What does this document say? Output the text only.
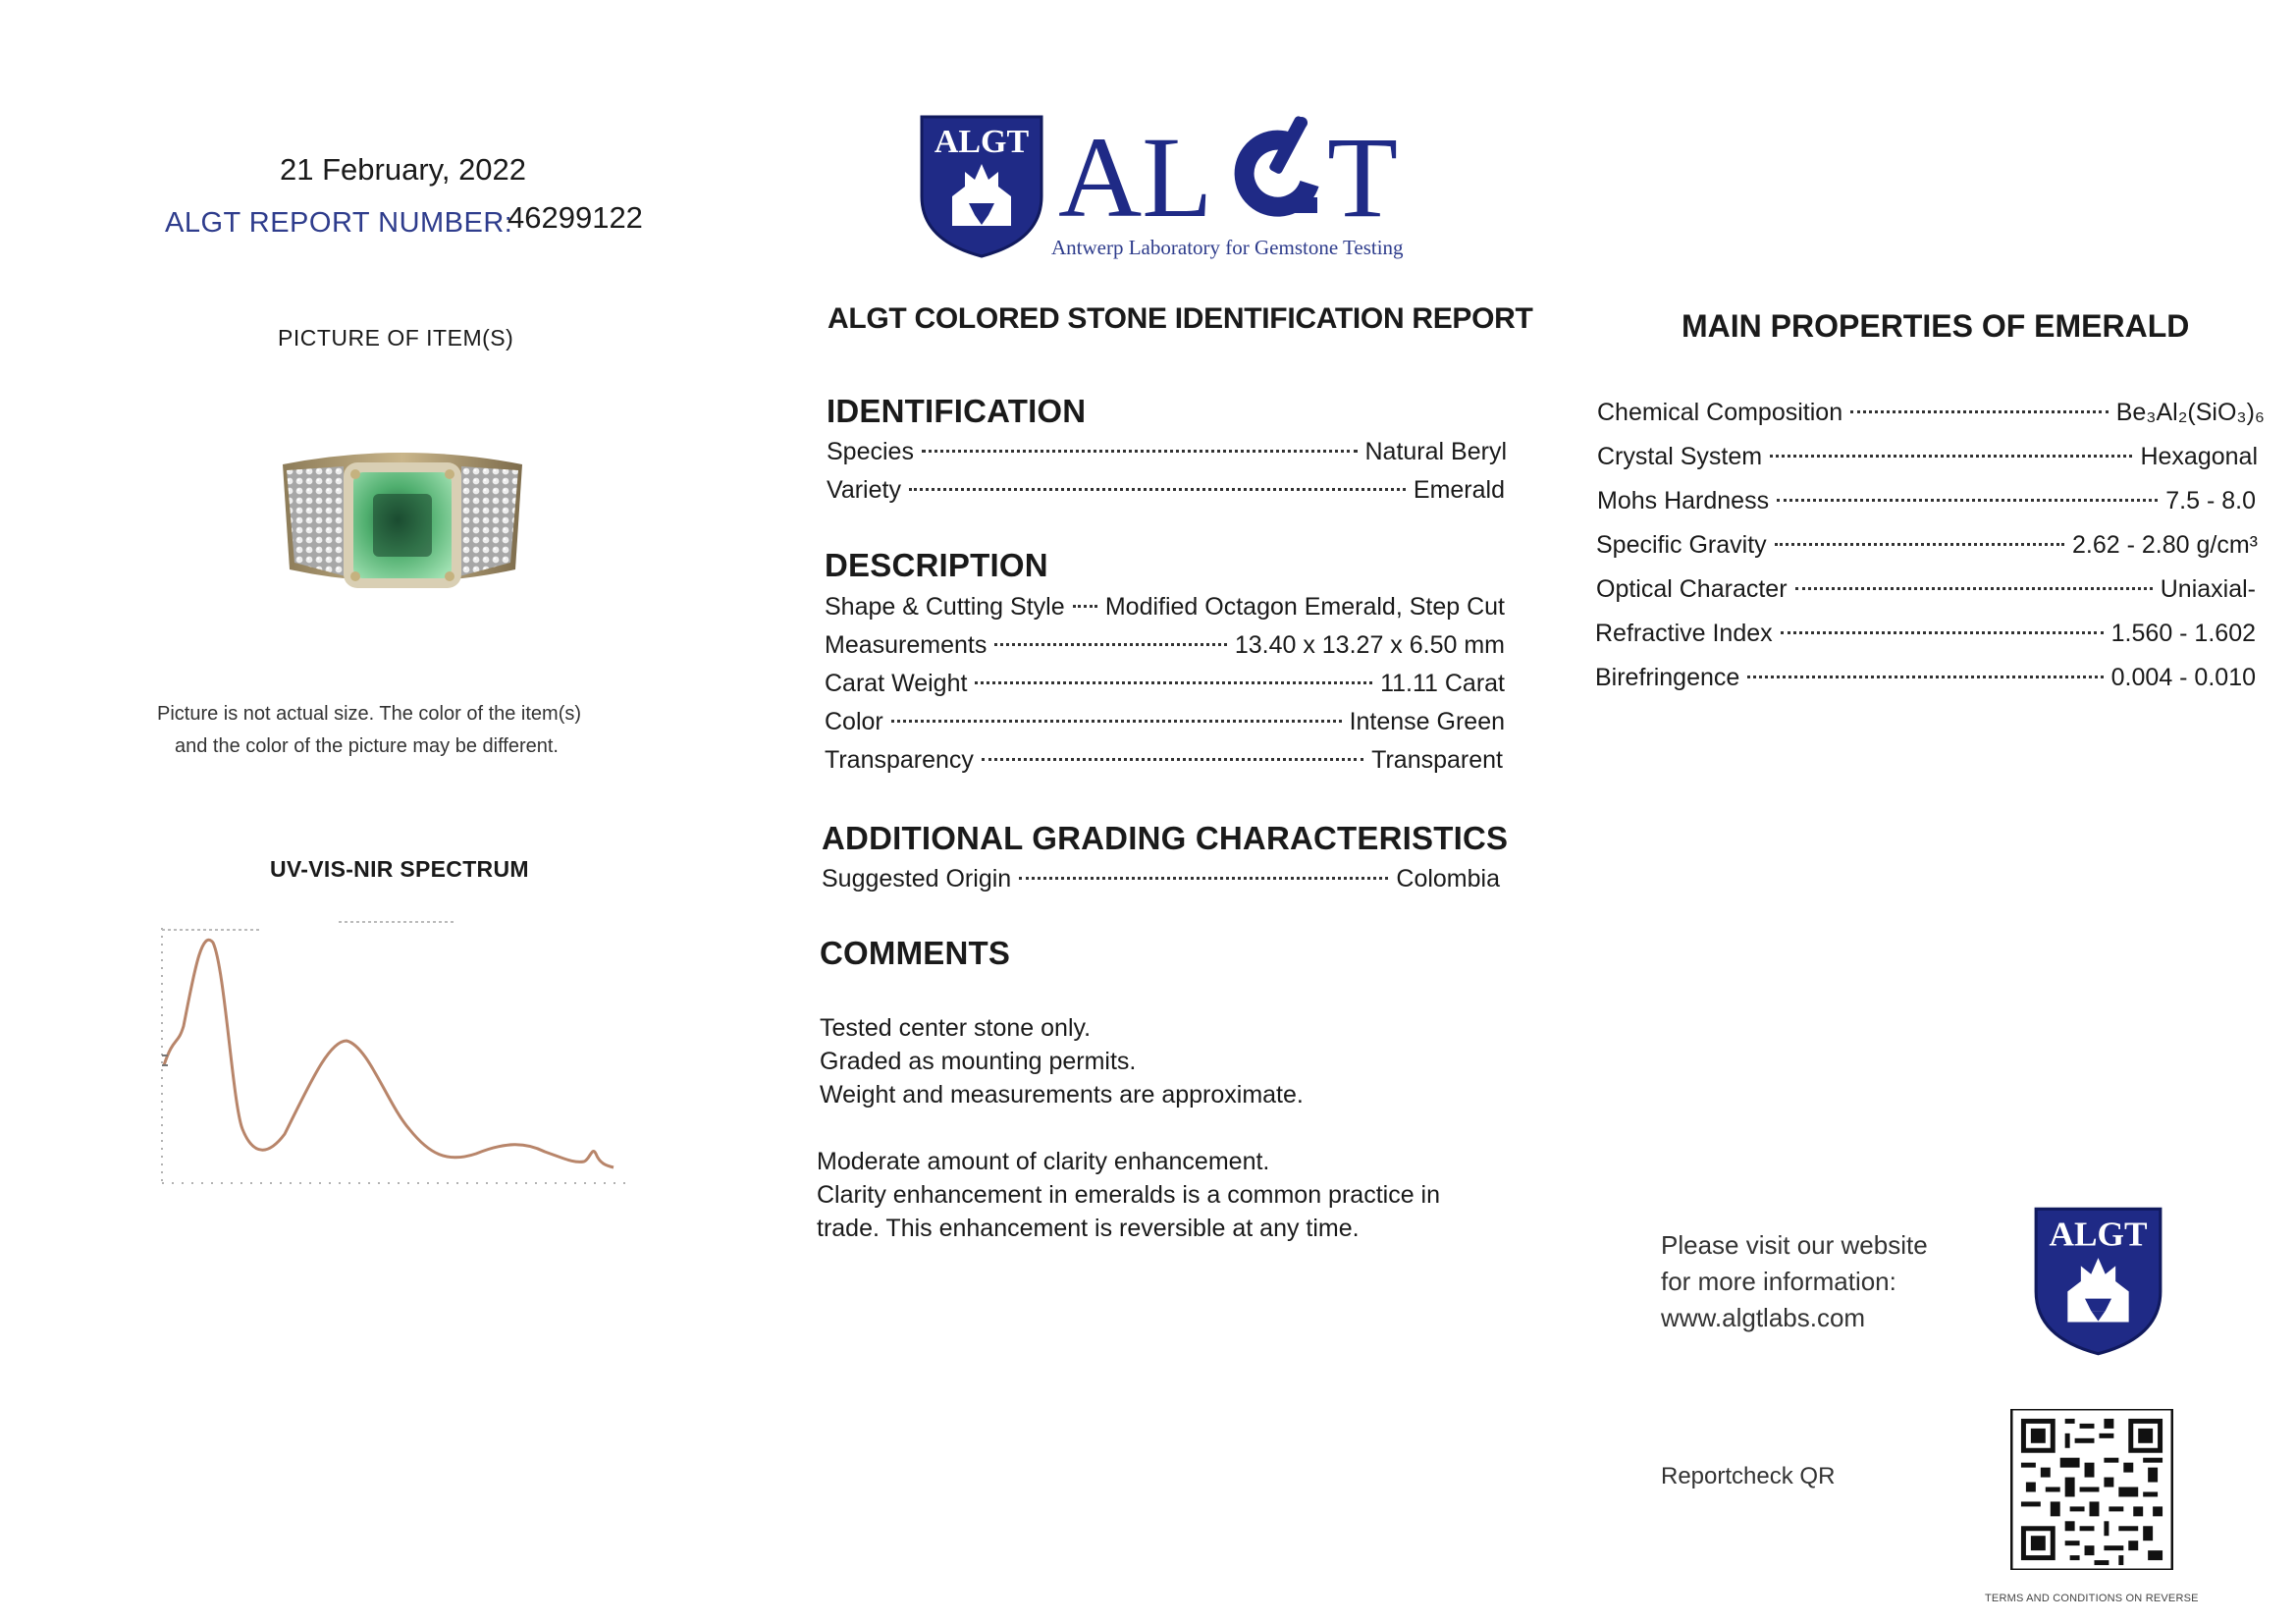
21 February, 2022
ALGT REPORT NUMBER:
46299122
PICTURE OF ITEM(S)
Picture is not actual size. The color of the item(s)
and the color of the picture may be different.
UV-VIS-NIR SPECTRUM
ALGT AL T
Antwerp Laboratory for Gemstone Testing
ALGT COLORED STONE IDENTIFICATION REPORT
IDENTIFICATION
Species	Natural Beryl
Variety	Emerald
DESCRIPTION
Shape & Cutting Style Modified Octagon Emerald, Step Cut
Measurements	13.40 x 13.27 x 6.50 mm
Carat Weight	11.11 Carat
Color	Intense Green
Transparency	Transparent
ADDITIONAL GRADING CHARACTERISTICS
Suggested Origin	Colombia
COMMENTS
Tested center stone only.
Graded as mounting permits.
Weight and measurements are approximate.
Moderate amount of clarity enhancement.
Clarity enhancement in emeralds is a common practice in
trade. This enhancement is reversible at any time.
MAIN PROPERTIES OF EMERALD
Chemical Composition	Be₃Al₂(SiO₃)₆
Crystal System	Hexagonal
Mohs Hardness	7.5 - 8.0
Specific Gravity	2.62 - 2.80 g/cm³
Optical Character	Uniaxial-
Refractive Index	1.560 - 1.602
Birefringence	0.004 - 0.010
Please visit our website
for more information:
www.algtlabs.com
ALGT
Reportcheck QR
TERMS AND CONDITIONS ON REVERSE
